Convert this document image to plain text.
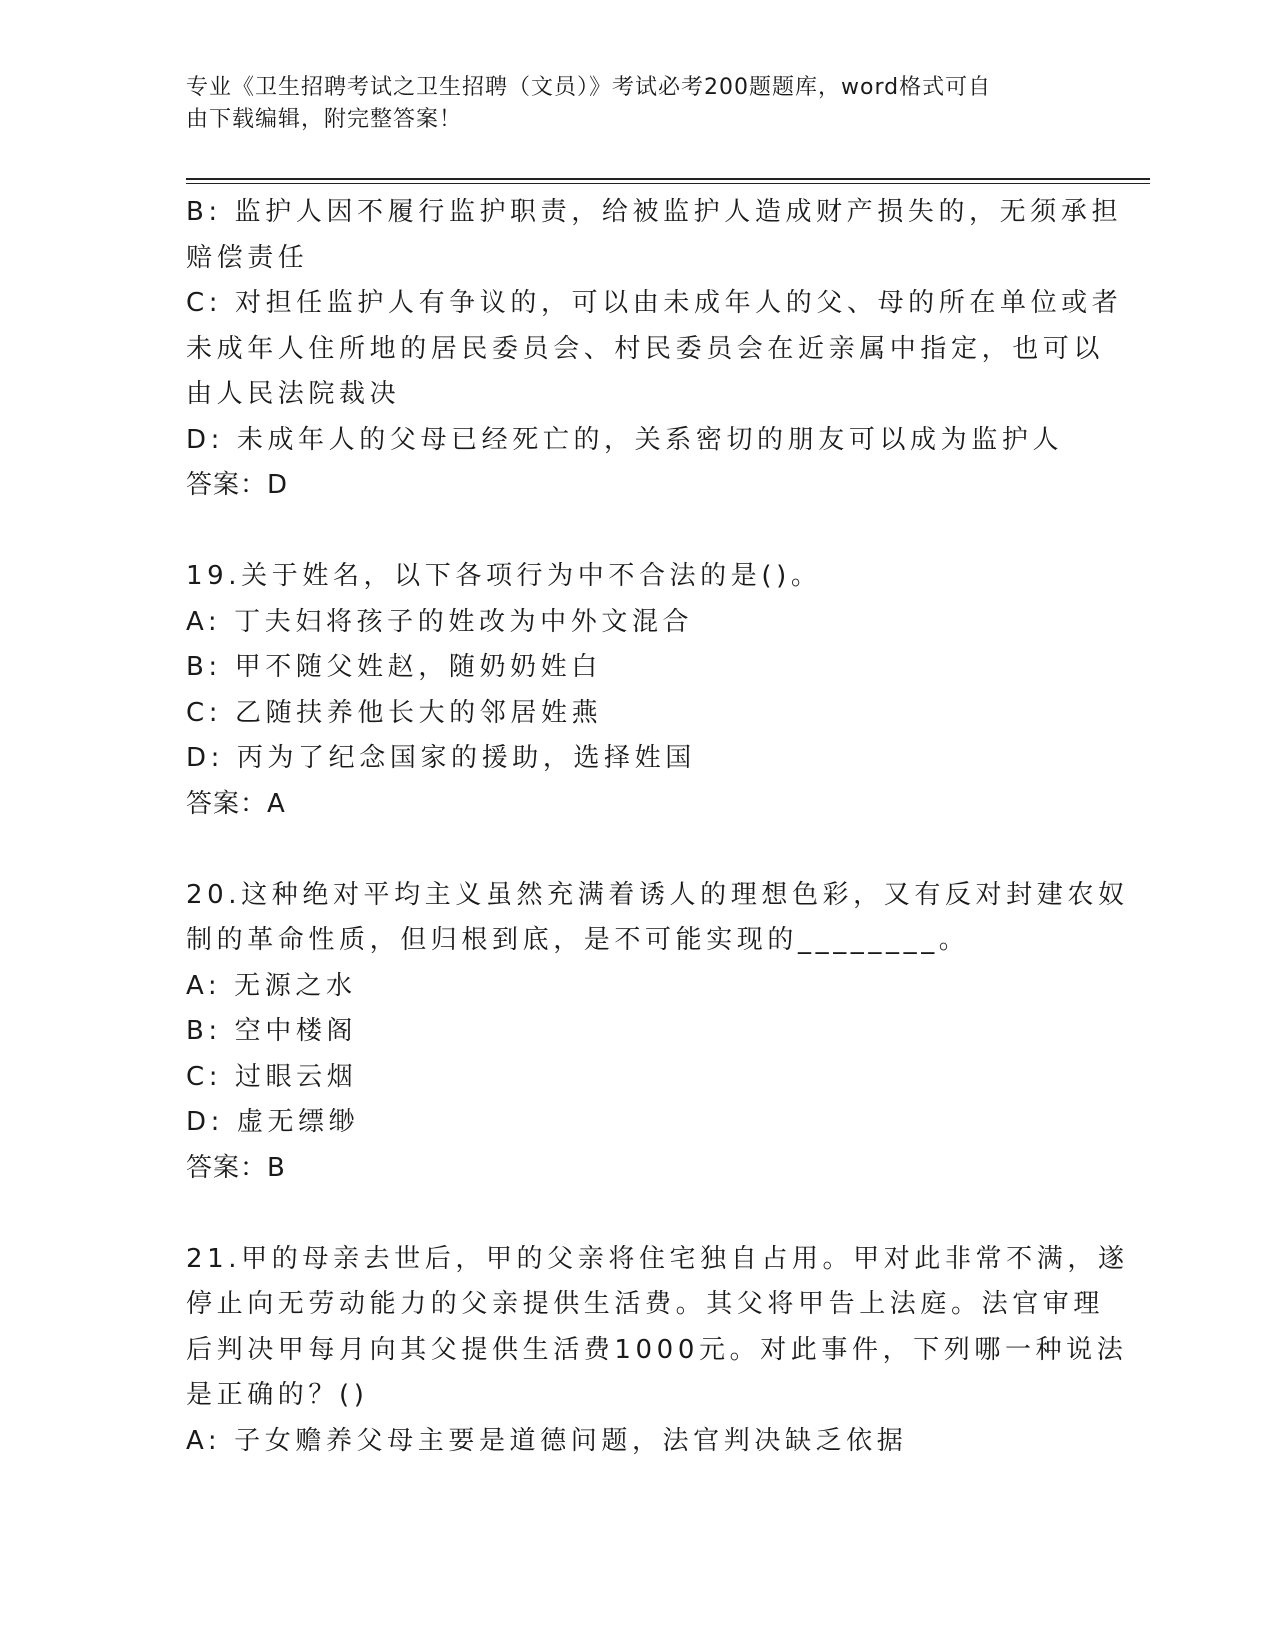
专业《卫生招聘考试之卫生招聘（文员）》考试必考200题题库，word格式可自
由下载编辑，附完整答案！
B: 监护人因不履行监护职责，给被监护人造成财产损失的，无须承担
赔偿责任
C: 对担任监护人有争议的，可以由未成年人的父、母的所在单位或者
未成年人住所地的居民委员会、村民委员会在近亲属中指定，也可以
由人民法院裁决
D: 未成年人的父母已经死亡的，关系密切的朋友可以成为监护人
答案：D
19.关于姓名，以下各项行为中不合法的是()。
A: 丁夫妇将孩子的姓改为中外文混合
B: 甲不随父姓赵，随奶奶姓白
C: 乙随扶养他长大的邻居姓燕
D: 丙为了纪念国家的援助，选择姓国
答案：A
20.这种绝对平均主义虽然充满着诱人的理想色彩，又有反对封建农奴
制的革命性质，但归根到底，是不可能实现的________。
A: 无源之水
B: 空中楼阁
C: 过眼云烟
D: 虚无缥缈
答案：B
21.甲的母亲去世后，甲的父亲将住宅独自占用。甲对此非常不满，遂
停止向无劳动能力的父亲提供生活费。其父将甲告上法庭。法官审理
后判决甲每月向其父提供生活费1000元。对此事件，下列哪一种说法
是正确的？()
A: 子女赡养父母主要是道德问题，法官判决缺乏依据
